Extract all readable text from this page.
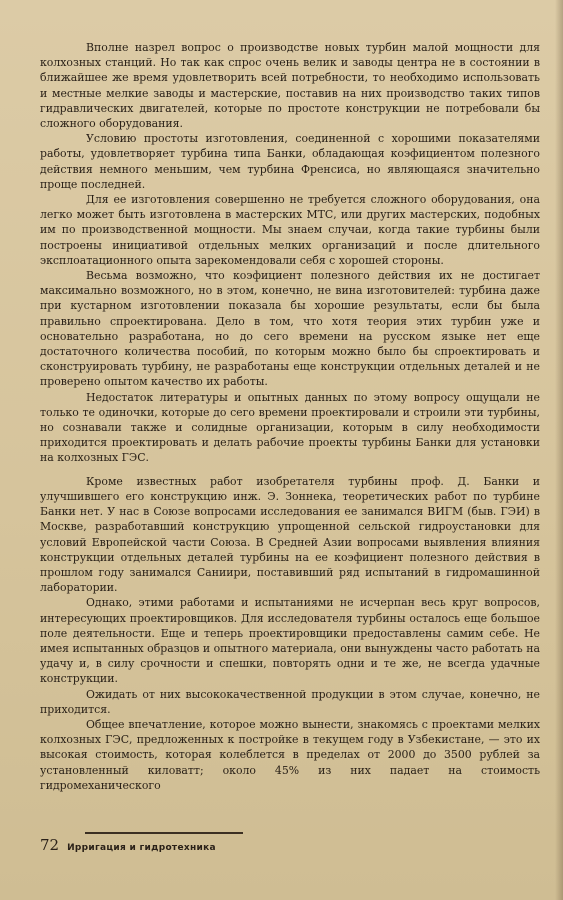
Вполне назрел вопрос о производстве новых турбин малой мощности для колхозных станций. Но так как спрос очень велик и заводы центра не в состоянии в ближайшее же время удовлетворить всей потребности, то необходимо использовать и местные мелкие заводы и мастерские, поставив на них производство таких типов гидравлических двигателей, которые по простоте конструкции не потребовали бы сложного оборудования.

Условию простоты изготовления, соединенной с хорошими показателями работы, удовлетворяет турбина типа Банки, обладающая коэфициентом полезного действия немного меньшим, чем турбина Френсиса, но являющаяся значительно проще последней.

Для ее изготовления совершенно не требуется сложного оборудования, она легко может быть изготовлена в мастерских МТС, или других мастерских, подобных им по производственной мощности. Мы знаем случаи, когда такие турбины были построены инициативой отдельных мелких организаций и после длительного эксплоатационного опыта зарекомендовали себя с хорошей стороны.

Весьма возможно, что коэфициент полезного действия их не достигает максимально возможного, но в этом, конечно, не вина изготовителей: турбина даже при кустарном изготовлении показала бы хорошие результаты, если бы была правильно спроектирована. Дело в том, что хотя теория этих турбин уже и основательно разработана, но до сего времени на русском языке нет еще достаточного количества пособий, по которым можно было бы спроектировать и сконструировать турбину, не разработаны еще конструкции отдельных деталей и не проверено опытом качество их работы.

Недостаток литературы и опытных данных по этому вопросу ощущали не только те одиночки, которые до сего времени проектировали и строили эти турбины, но сознавали также и солидные организации, которым в силу необходимости приходится проектировать и делать рабочие проекты турбины Банки для установки на колхозных ГЭС.

Кроме известных работ изобретателя турбины проф. Д. Банки и улучшившего его конструкцию инж. Э. Зоннека, теоретических работ по турбине Банки нет. У нас в Союзе вопросами исследования ее занимался ВИГМ (быв. ГЭИ) в Москве, разработавший конструкцию упрощенной сельской гидроустановки для условий Европейской части Союза. В Средней Азии вопросами выявления влияния конструкции отдельных деталей турбины на ее коэфициент полезного действия в прошлом году занимался Саниири, поставивший ряд испытаний в гидромашинной лаборатории.

Однако, этими работами и испытаниями не исчерпан весь круг вопросов, интересующих проектировщиков. Для исследователя турбины осталось еще большое поле деятельности. Еще и теперь проектировщики предоставлены самим себе. Не имея испытанных образцов и опытного материала, они вынуждены часто работать на удачу и, в силу срочности и спешки, повторять одни и те же, не всегда удачные конструкции.

Ожидать от них высококачественной продукции в этом случае, конечно, не приходится.

Общее впечатление, которое можно вынести, знакомясь с проектами мелких колхозных ГЭС, предложенных к постройке в текущем году в Узбекистане, — это их высокая стоимость, которая колеблется в пределах от 2000 до 3500 рублей за установленный киловатт; около 45% из них падает на стоимость гидромеханического

72 Ирригация и гидротехника
